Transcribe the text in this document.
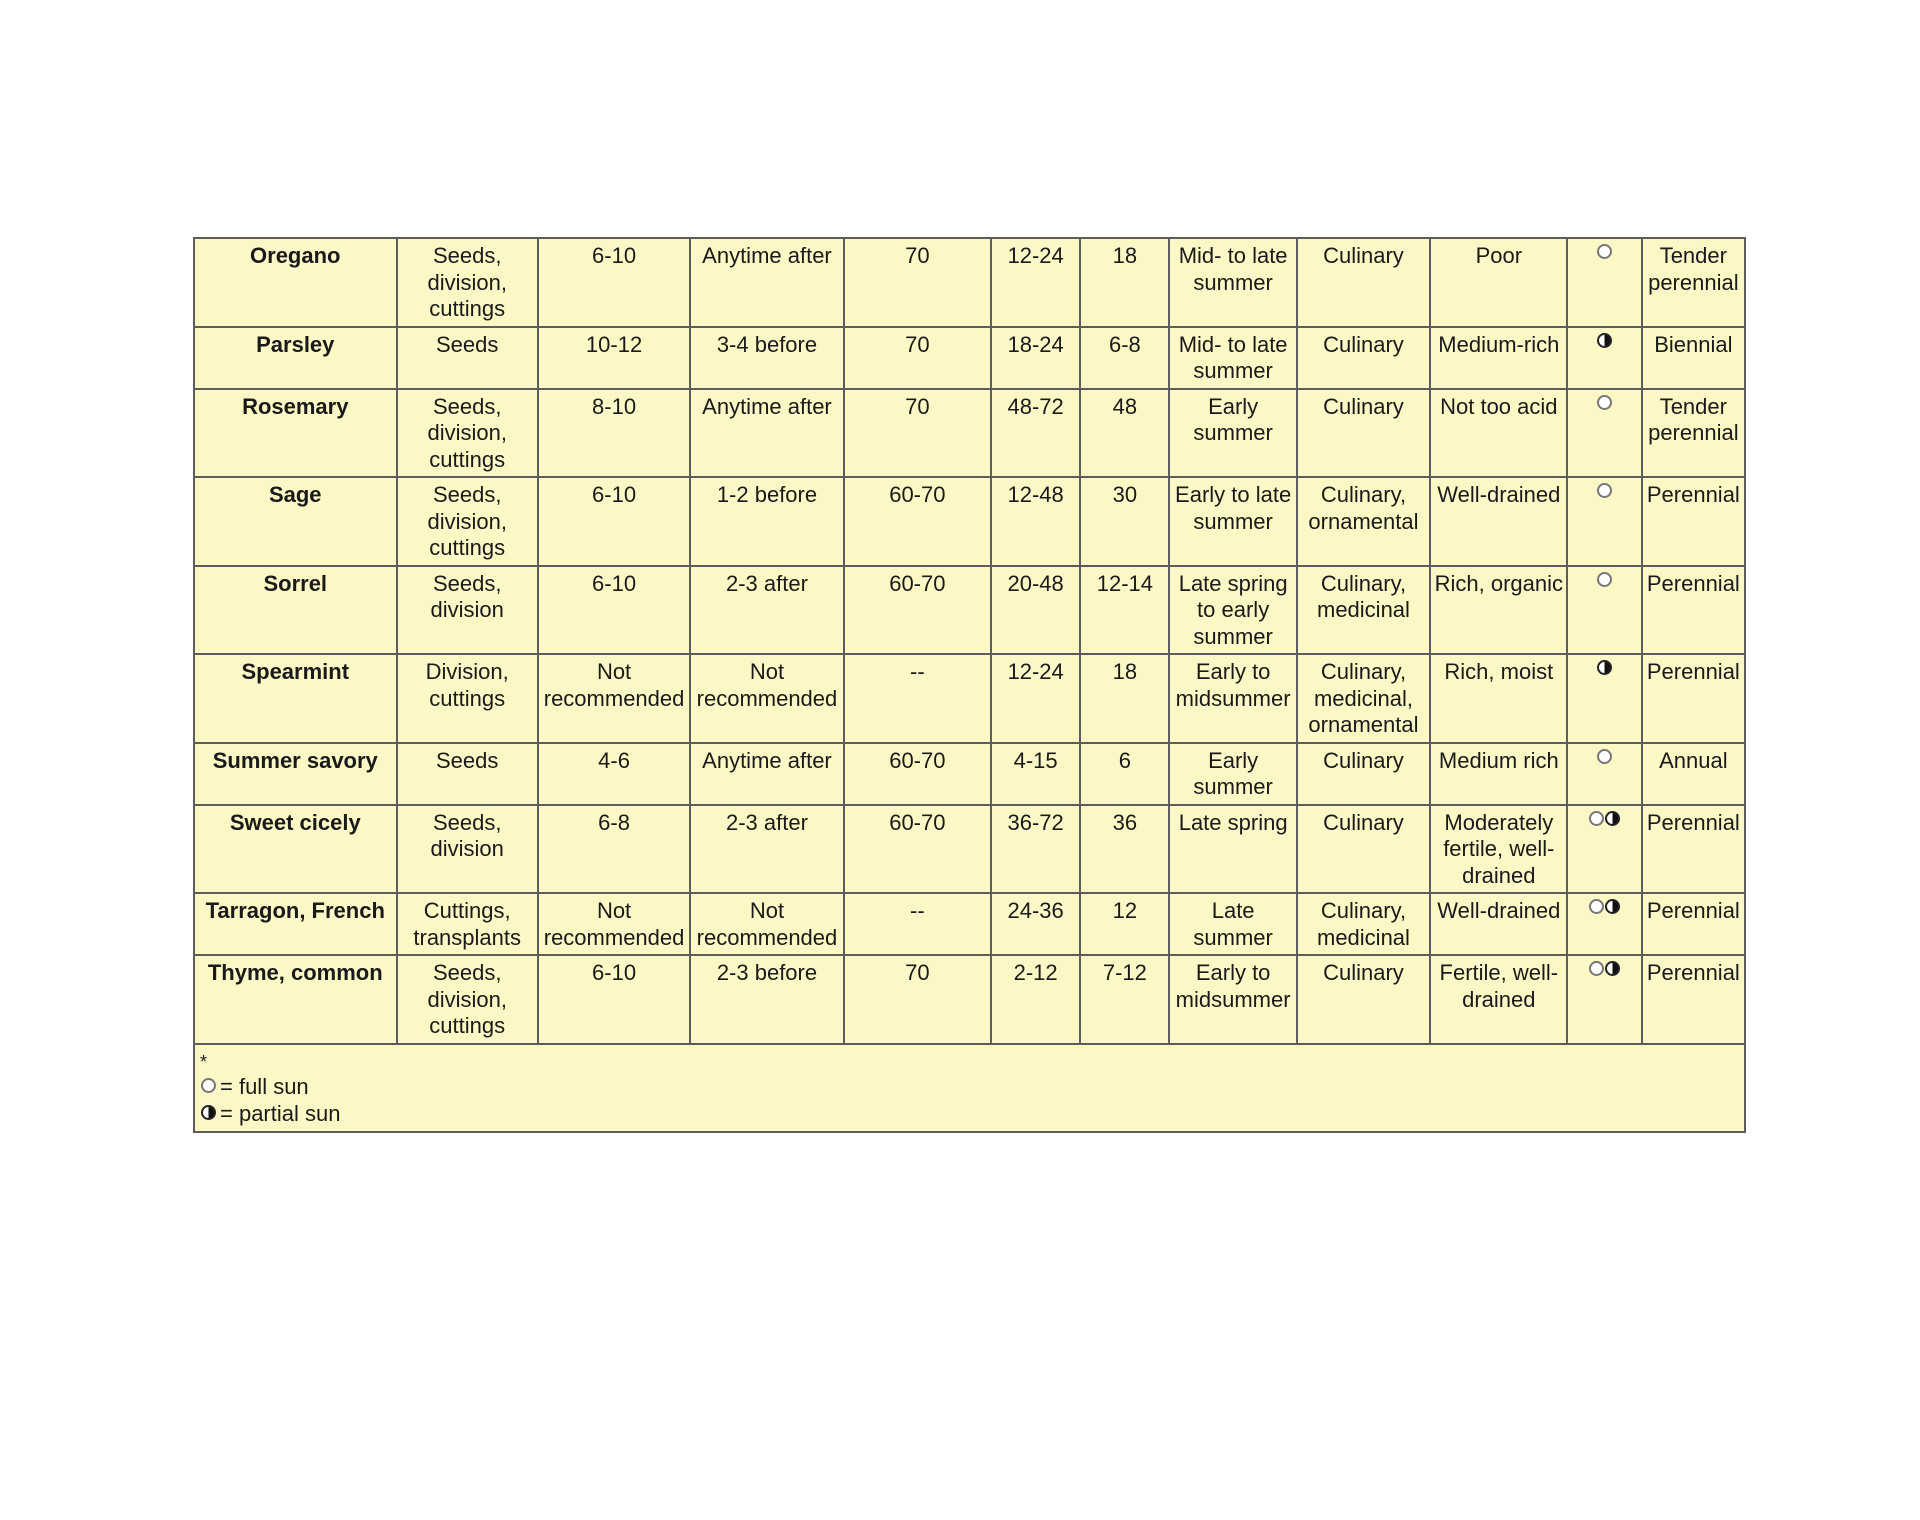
Oregano	Seeds, division, cuttings	6-10	Anytime after	70	12-24	18	Mid- to late summer	Culinary	Poor		Tender perennial
Parsley	Seeds	10-12	3-4 before	70	18-24	6-8	Mid- to late summer	Culinary	Medium-rich		Biennial
Rosemary	Seeds, division, cuttings	8-10	Anytime after	70	48-72	48	Early summer	Culinary	Not too acid		Tender perennial
Sage	Seeds, division, cuttings	6-10	1-2 before	60-70	12-48	30	Early to late summer	Culinary, ornamental	Well-drained		Perennial
Sorrel	Seeds, division	6-10	2-3 after	60-70	20-48	12-14	Late spring to early summer	Culinary, medicinal	Rich, organic		Perennial
Spearmint	Division, cuttings	Not recommended	Not recommended	--	12-24	18	Early to midsummer	Culinary, medicinal, ornamental	Rich, moist		Perennial
Summer savory	Seeds	4-6	Anytime after	60-70	4-15	6	Early summer	Culinary	Medium rich		Annual
Sweet cicely	Seeds, division	6-8	2-3 after	60-70	36-72	36	Late spring	Culinary	Moderately fertile, well-drained		Perennial
Tarragon, French	Cuttings, transplants	Not recommended	Not recommended	--	24-36	12	Late summer	Culinary, medicinal	Well-drained		Perennial
Thyme, common	Seeds, division, cuttings	6-10	2-3 before	70	2-12	7-12	Early to midsummer	Culinary	Fertile, well-drained		Perennial

*
= full sun
= partial sun											
